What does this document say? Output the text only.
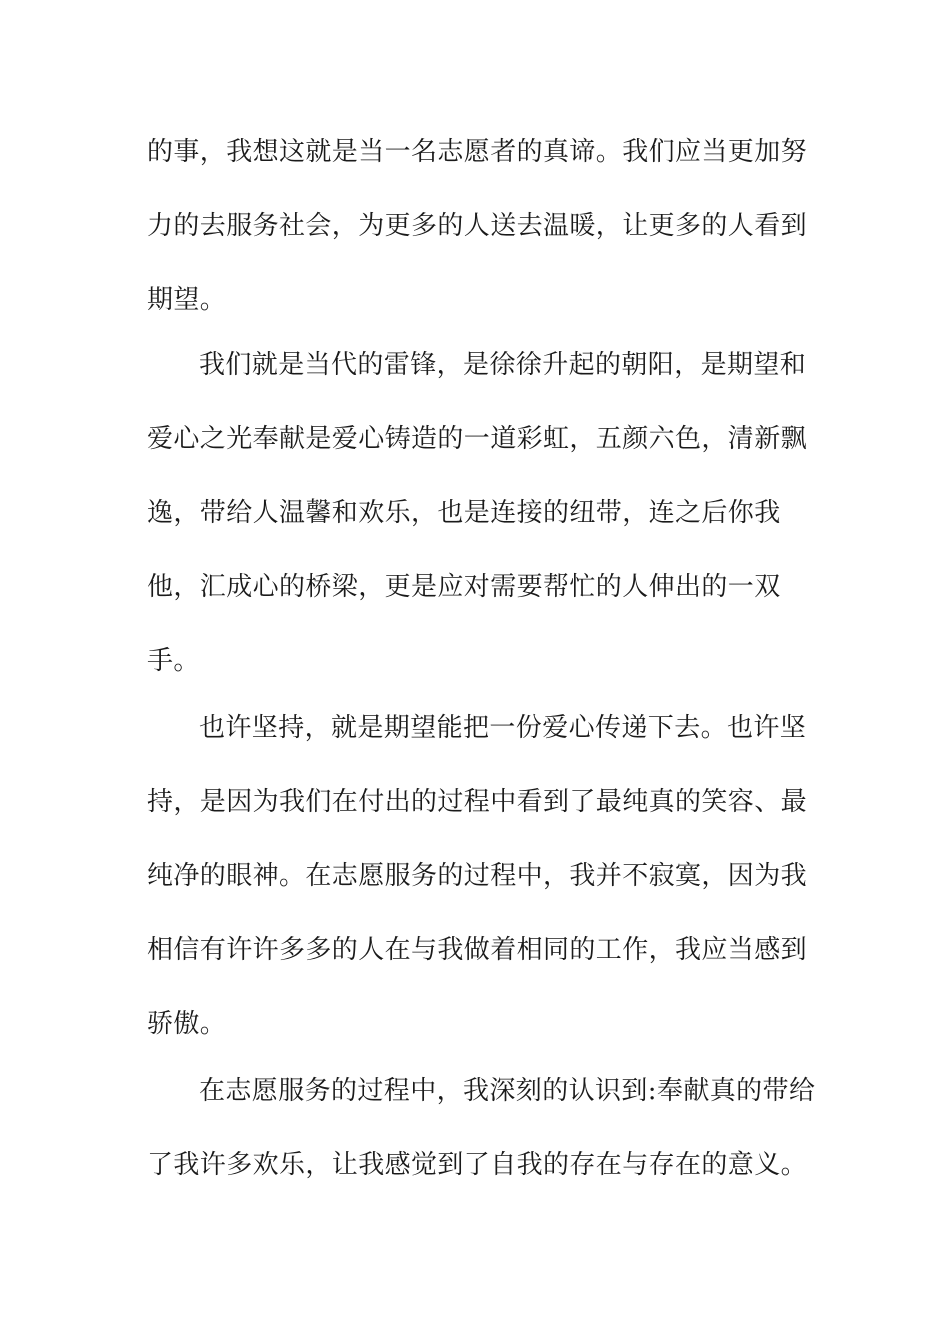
的事，我想这就是当一名志愿者的真谛。我们应当更加努
力的去服务社会，为更多的人送去温暖，让更多的人看到
期望。
我们就是当代的雷锋，是徐徐升起的朝阳，是期望和
爱心之光奉献是爱心铸造的一道彩虹，五颜六色，清新飘
逸，带给人温馨和欢乐，也是连接的纽带，连之后你我
他，汇成心的桥梁，更是应对需要帮忙的人伸出的一双
手。
也许坚持，就是期望能把一份爱心传递下去。也许坚
持，是因为我们在付出的过程中看到了最纯真的笑容、最
纯净的眼神。在志愿服务的过程中，我并不寂寞，因为我
相信有许许多多的人在与我做着相同的工作，我应当感到
骄傲。
在志愿服务的过程中，我深刻的认识到:奉献真的带给
了我许多欢乐，让我感觉到了自我的存在与存在的意义。
